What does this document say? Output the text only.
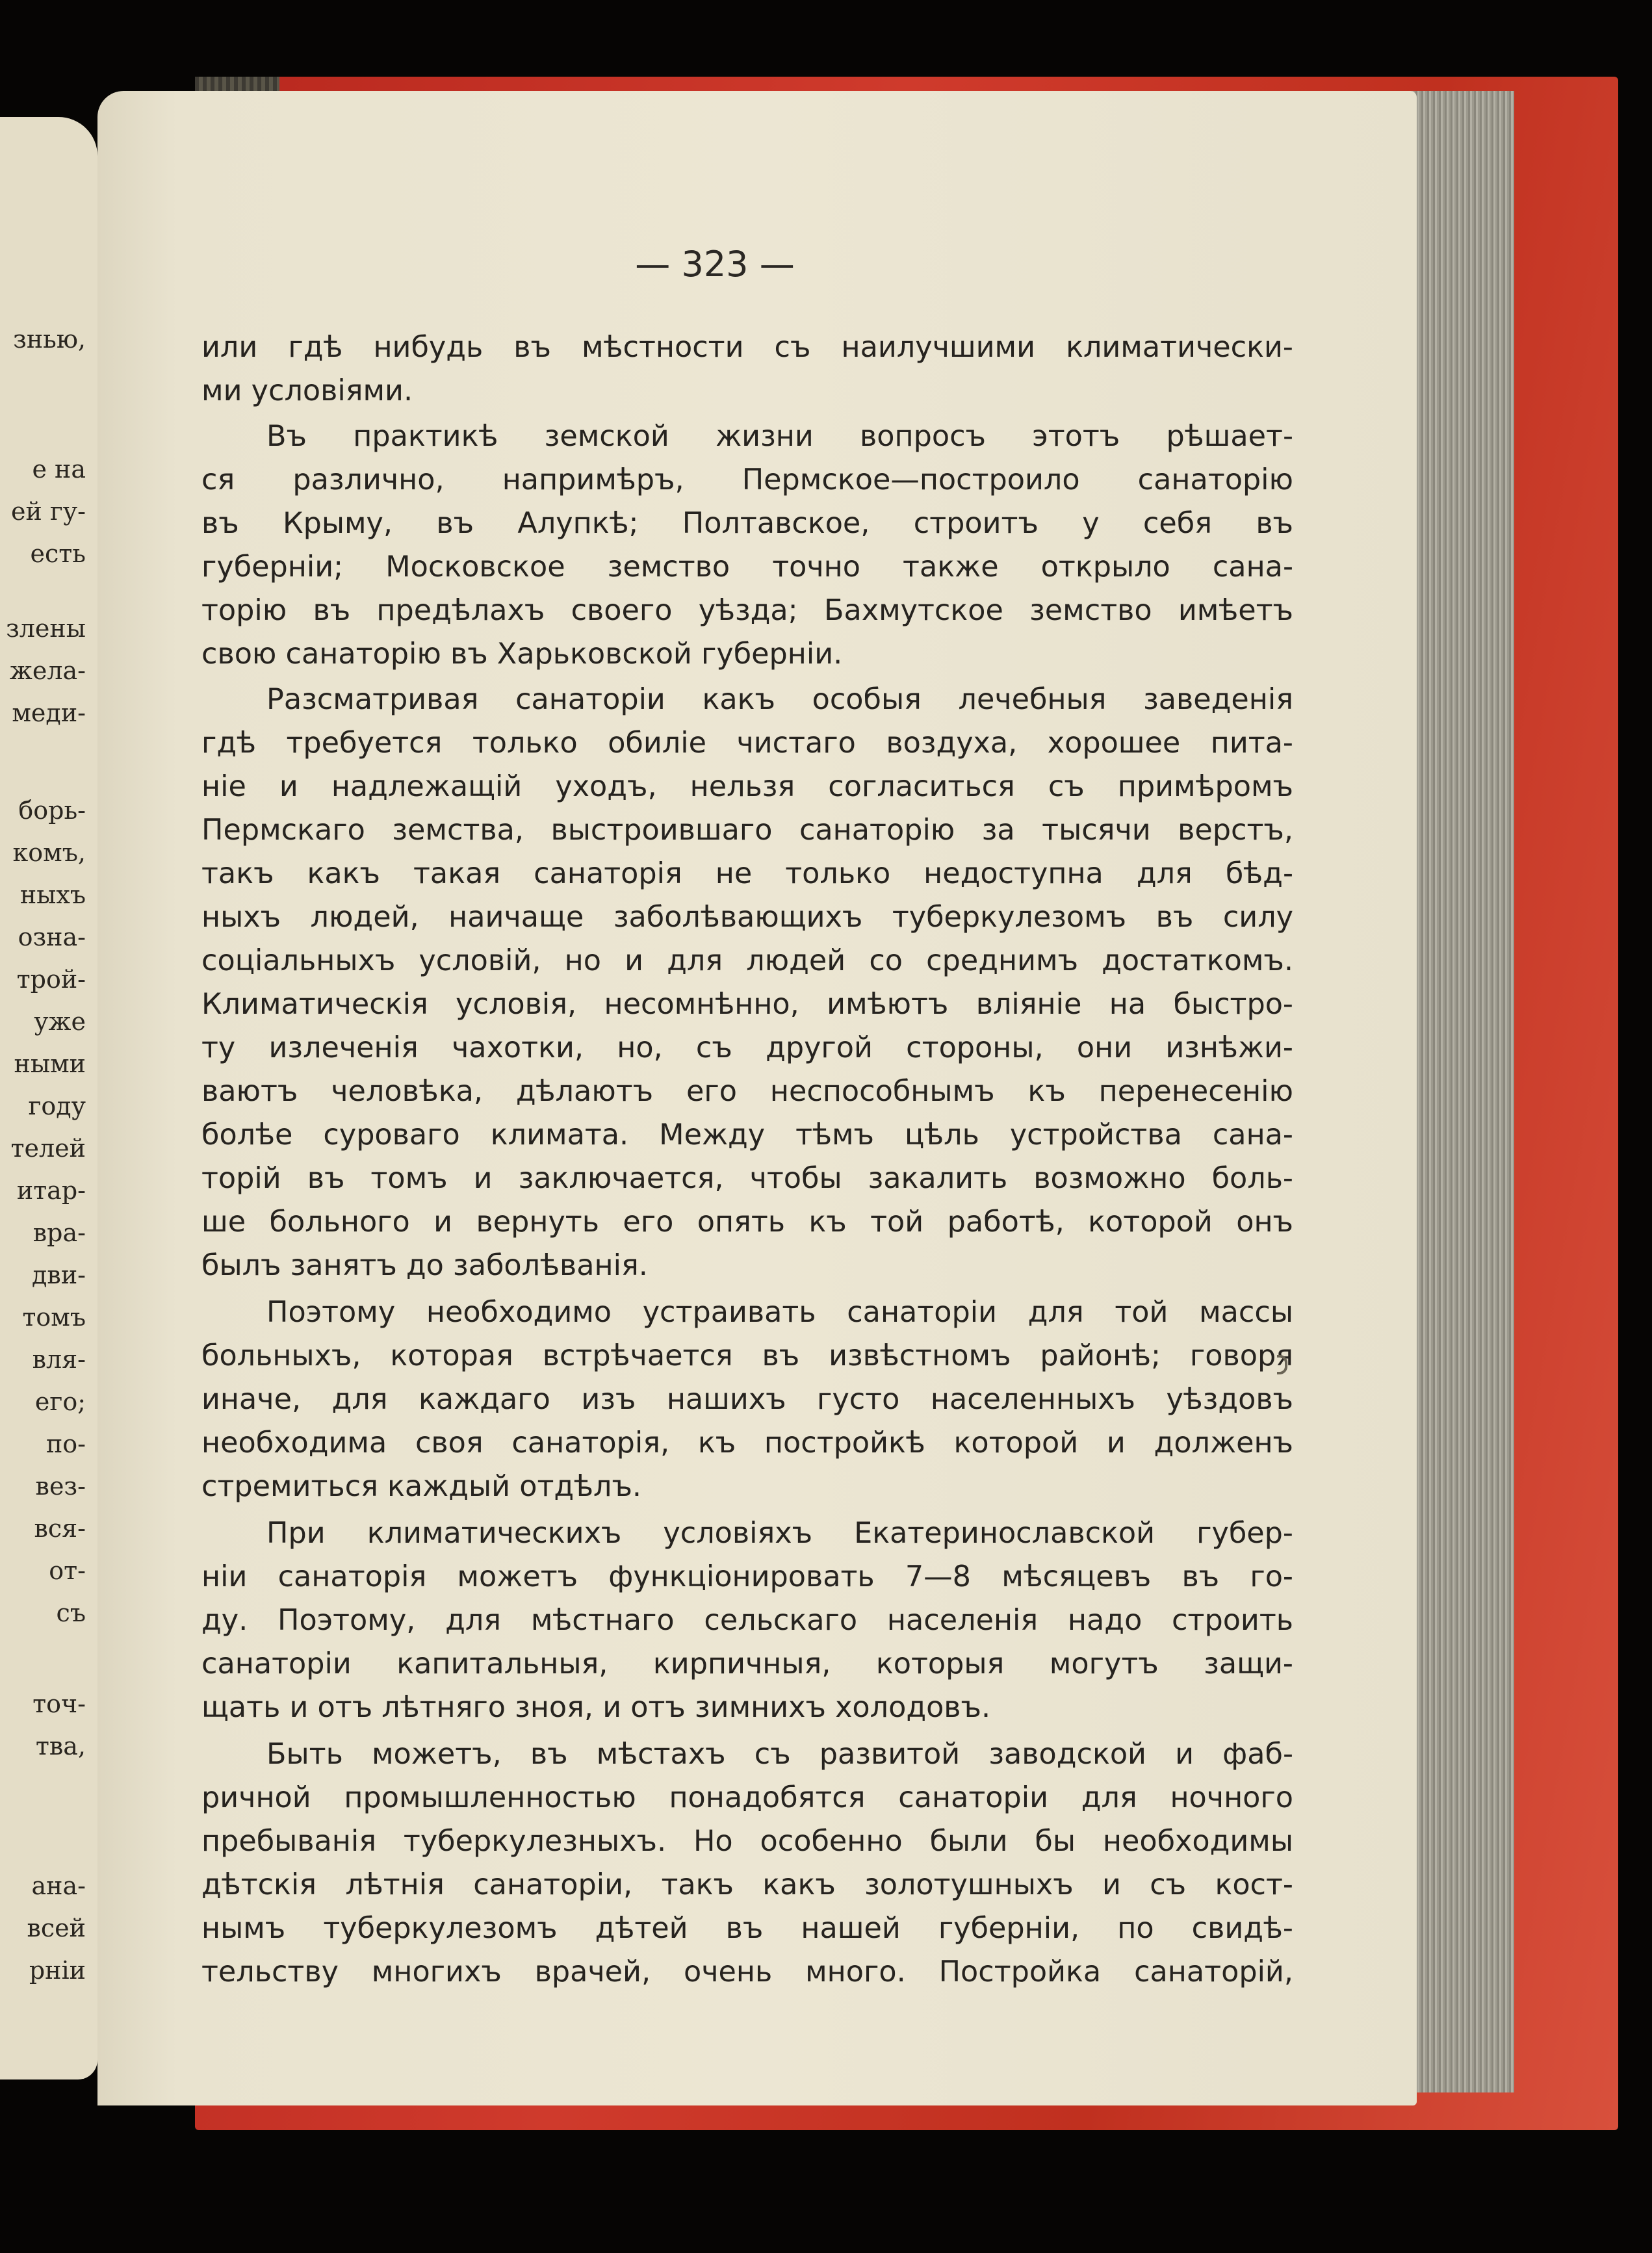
знью,

е на

ей гу-

есть

злены

жела-

меди-

борь-

комъ,

ныхъ

озна-

трой-

уже

ными

году

телей

итар-

вра-

дви-

томъ

вля-

его;

по-

вез-

вся-

от-

съ

точ-

тва,

ана-

всей

рніи

— 323 —

или гдѣ нибудь въ мѣстности съ наилучшими климатически-

ми условіями.

Въ практикѣ земской жизни вопросъ этотъ рѣшает-

ся различно, напримѣръ, Пермское—построило санаторію

въ Крыму, въ Алупкѣ; Полтавское, строитъ у себя въ

губерніи; Московское земство точно также открыло сана-

торію въ предѣлахъ своего уѣзда; Бахмутское земство имѣетъ

свою санаторію въ Харьковской губерніи.

Разсматривая санаторіи какъ особыя лечебныя заведенія

гдѣ требуется только обиліе чистаго воздуха, хорошее пита-

ніе и надлежащій уходъ, нельзя согласиться съ примѣромъ

Пермскаго земства, выстроившаго санаторію за тысячи верстъ,

такъ какъ такая санаторія не только недоступна для бѣд-

ныхъ людей, наичаще заболѣвающихъ туберкулезомъ въ силу

соціальныхъ условій, но и для людей со среднимъ достаткомъ.

Климатическія условія, несомнѣнно, имѣютъ вліяніе на быстро-

ту излеченія чахотки, но, съ другой стороны, они изнѣжи-

ваютъ человѣка, дѣлаютъ его неспособнымъ къ перенесенію

болѣе суроваго климата. Между тѣмъ цѣль устройства сана-

торій въ томъ и заключается, чтобы закалить возможно боль-

ше больного и вернуть его опять къ той работѣ, которой онъ

былъ занятъ до заболѣванія.

Поэтому необходимо устраивать санаторіи для той массы

больныхъ, которая встрѣчается въ извѣстномъ районѣ; говоря

иначе, для каждаго изъ нашихъ густо населенныхъ уѣздовъ

необходима своя санаторія, къ постройкѣ которой и долженъ

стремиться каждый отдѣлъ.

При климатическихъ условіяхъ Екатеринославской губер-

ніи санаторія можетъ функціонировать 7—8 мѣсяцевъ въ го-

ду. Поэтому, для мѣстнаго сельскаго населенія надо строить

санаторіи капитальныя, кирпичныя, которыя могутъ защи-

щать и отъ лѣтняго зноя, и отъ зимнихъ холодовъ.

Быть можетъ, въ мѣстахъ съ развитой заводской и фаб-

ричной промышленностью понадобятся санаторіи для ночного

пребыванія туберкулезныхъ. Но особенно были бы необходимы

дѣтскія лѣтнія санаторіи, такъ какъ золотушныхъ и съ кост-

нымъ туберкулезомъ дѣтей въ нашей губерніи, по свидѣ-

тельству многихъ врачей, очень много. Постройка санаторій,
